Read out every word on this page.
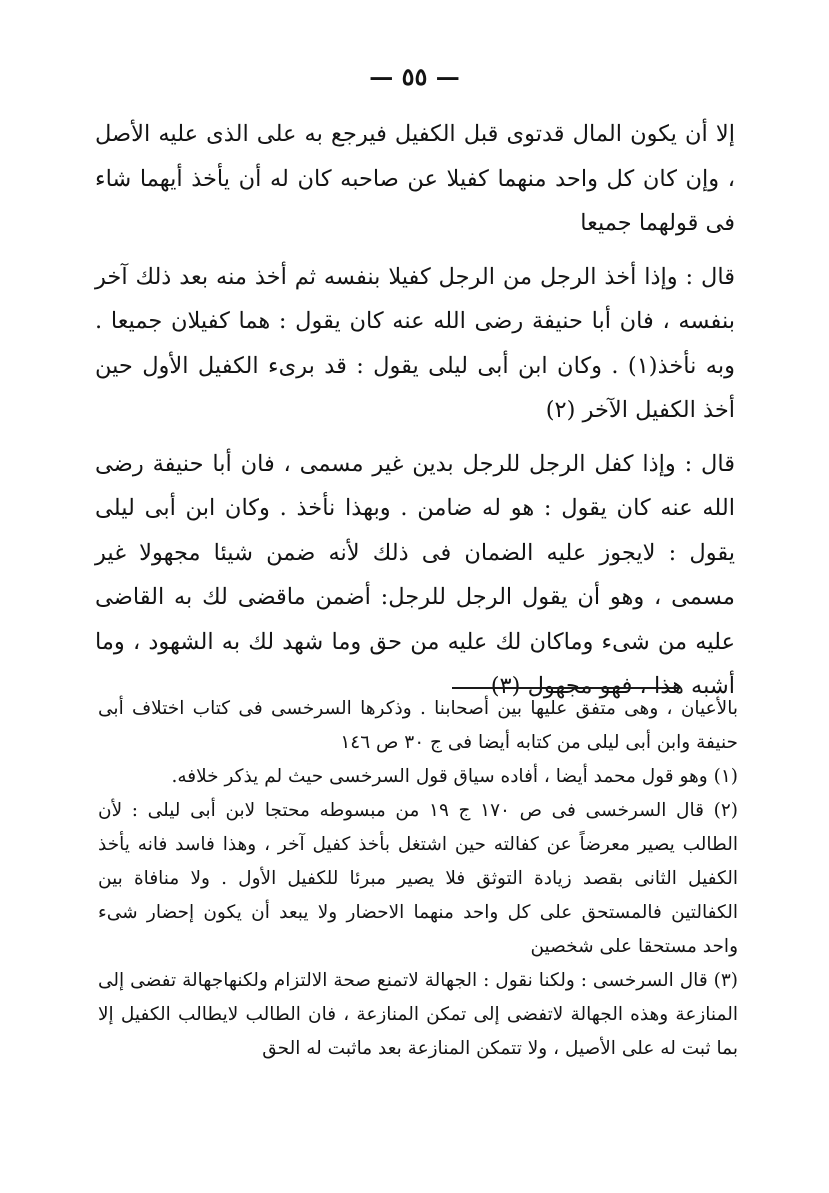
— ٥٥ —

إلا أن يكون المال قدتوى قبل الكفيل فيرجع به على الذى عليه الأصل ، وإن كان كل واحد منهما كفيلا عن صاحبه كان له أن يأخذ أيهما شاء فى قولهما جميعا

قال : وإذا أخذ الرجل من الرجل كفيلا بنفسه ثم أخذ منه بعد ذلك آخر بنفسه ، فان أبا حنيفة رضى الله عنه كان يقول : هما كفيلان جميعا . وبه نأخذ(١) . وكان ابن أبى ليلى يقول : قد برىء الكفيل الأول حين أخذ الكفيل الآخر (٢)

قال : وإذا كفل الرجل للرجل بدين غير مسمى ، فان أبا حنيفة رضى الله عنه كان يقول : هو له ضامن . وبهذا نأخذ . وكان ابن أبى ليلى يقول : لايجوز عليه الضمان فى ذلك لأنه ضمن شيئا مجهولا غير مسمى ، وهو أن يقول الرجل للرجل: أضمن ماقضى لك به القاضى عليه من شىء وماكان لك عليه من حق وما شهد لك به الشهود ، وما أشبه هذا ، فهو مجهول (٣)

بالأعيان ، وهى متفق عليها بين أصحابنا . وذكرها السرخسى فى كتاب اختلاف أبى حنيفة وابن أبى ليلى من كتابه أيضا فى ج ٣٠ ص ١٤٦

(١) وهو قول محمد أيضا ، أفاده سياق قول السرخسى حيث لم يذكر خلافه.

(٢) قال السرخسى فى ص ١٧٠ ج ١٩ من مبسوطه محتجا لابن أبى ليلى : لأن الطالب يصير معرضاً عن كفالته حين اشتغل بأخذ كفيل آخر ، وهذا فاسد فانه يأخذ الكفيل الثانى بقصد زيادة التوثق فلا يصير مبرئا للكفيل الأول . ولا منافاة بين الكفالتين فالمستحق على كل واحد منهما الاحضار ولا يبعد أن يكون إحضار شىء واحد مستحقا على شخصين

(٣) قال السرخسى : ولكنا نقول : الجهالة لاتمنع صحة الالتزام ولكنهاجهالة تفضى إلى المنازعة وهذه الجهالة لاتفضى إلى تمكن المنازعة ، فان الطالب لايطالب الكفيل إلا بما ثبت له على الأصيل ، ولا تتمكن المنازعة بعد ماثبت له الحق
